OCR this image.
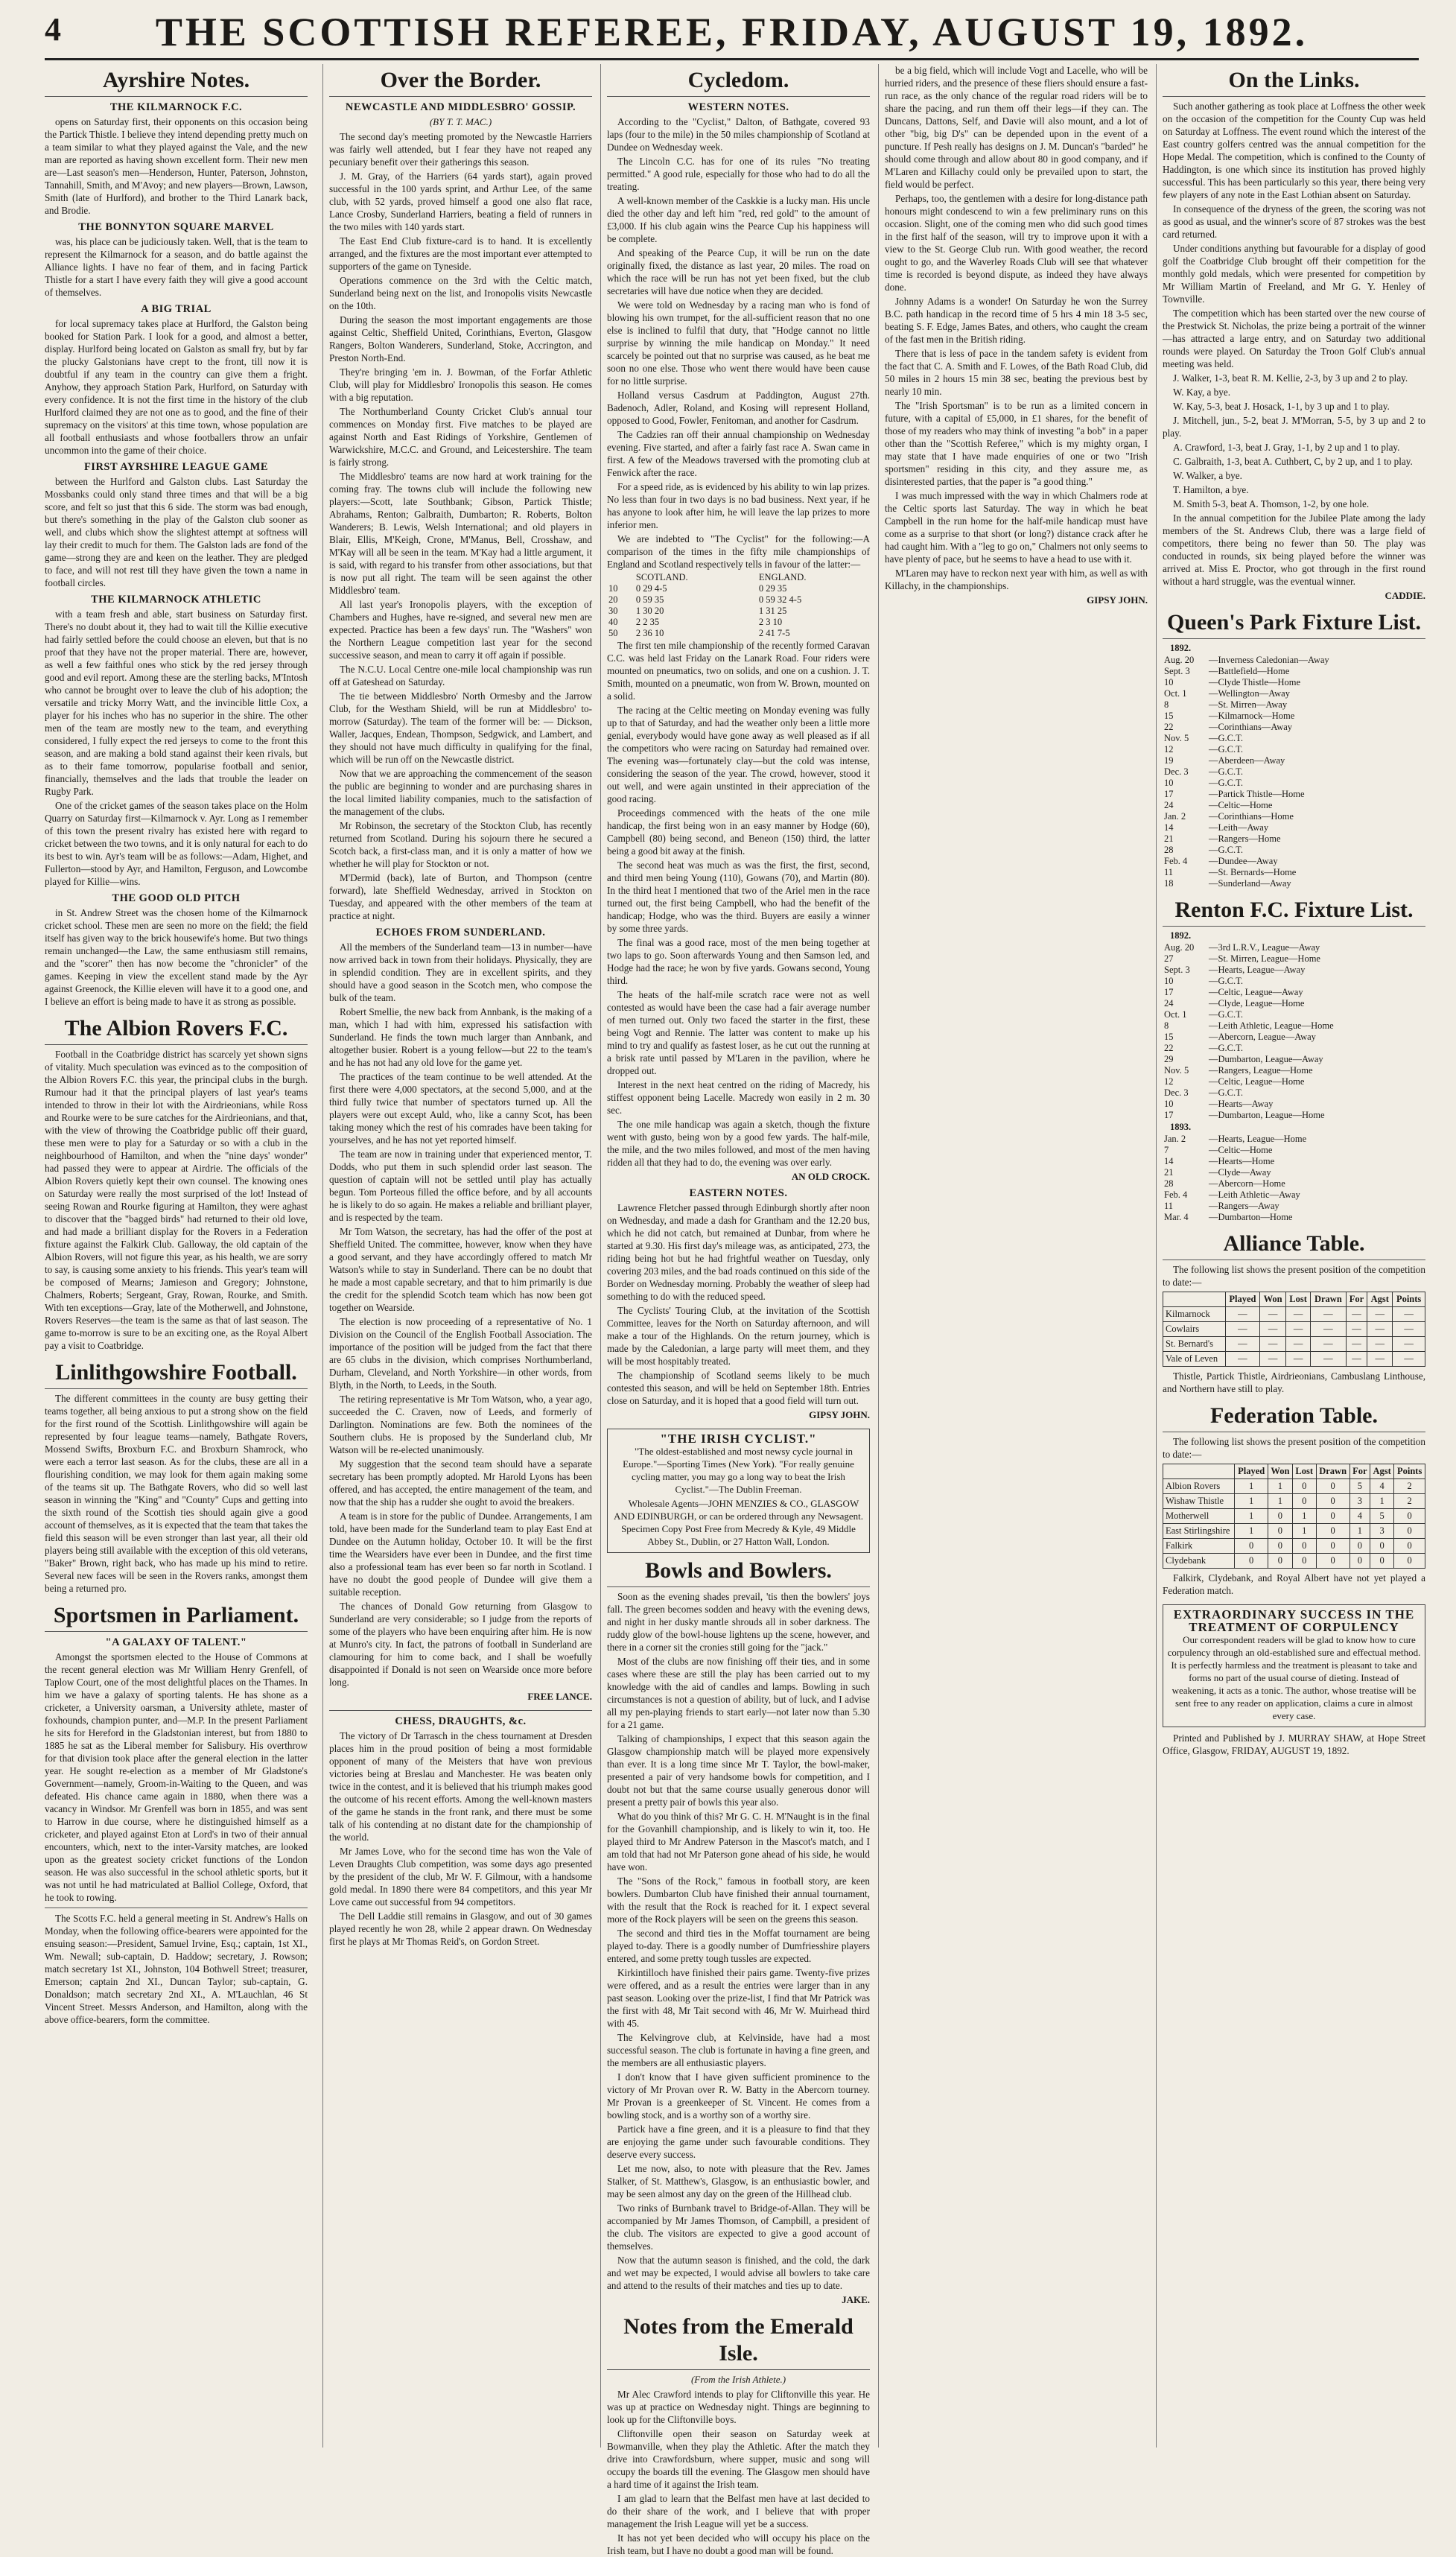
4	THE SCOTTISH REFEREE, FRIDAY, AUGUST 19, 1892.
Ayrshire Notes.
THE KILMARNOCK F.C.

opens on Saturday first, their opponents on this occasion being the Partick Thistle. I believe they intend depending pretty much on a team similar to what they played against the Vale, and the new man are reported as having shown excellent form. Their new men are—Last season's men—Henderson, Hunter, Paterson, Johnston, Tannahill, Smith, and M'Avoy; and new players—Brown, Lawson, Smith (late of Hurlford), and brother to the Third Lanark back, and Brodie.

THE BONNYTON SQUARE MARVEL

was, his place can be judiciously taken. Well, that is the team to represent the Kilmarnock for a season, and do battle against the Alliance lights. I have no fear of them, and in facing Partick Thistle for a start I have every faith they will give a good account of themselves.

A BIG TRIAL

for local supremacy takes place at Hurlford, the Galston being booked for Station Park. I look for a good, and almost a better, display. Hurlford being located on Galston as small fry, but by far the plucky Galstonians have crept to the front, till now it is doubtful if any team in the country can give them a fright. Anyhow, they approach Station Park, Hurlford, on Saturday with every confidence. It is not the first time in the history of the club Hurlford claimed they are not one as to good, and the fine of their supremacy on the visitors' at this time town, whose population are all football enthusiasts and whose footballers throw an unfair uncommon into the game of their choice.

FIRST AYRSHIRE LEAGUE GAME

between the Hurlford and Galston clubs. Last Saturday the Mossbanks could only stand three times and that will be a big score, and felt so just that this 6 side. The storm was bad enough, but there's something in the play of the Galston club sooner as well, and clubs which show the slightest attempt at softness will lay their credit to much for them. The Galston lads are fond of the game—strong they are and keen on the leather. They are pledged to face, and will not rest till they have given the town a name in football circles.

THE KILMARNOCK ATHLETIC

with a team fresh and able, start business on Saturday first. There's no doubt about it, they had to wait till the Killie executive had fairly settled before the could choose an eleven, but that is no proof that they have not the proper material. There are, however, as well a few faithful ones who stick by the red jersey through good and evil report. Among these are the sterling backs, M'Intosh who cannot be brought over to leave the club of his adoption; the versatile and tricky Morry Watt, and the invincible little Cox, a player for his inches who has no superior in the shire. The other men of the team are mostly new to the team, and everything considered, I fully expect the red jerseys to come to the front this season, and are making a bold stand against their keen rivals, but as to their fame tomorrow, popularise football and senior, financially, themselves and the lads that trouble the leader on Rugby Park.

One of the cricket games of the season takes place on the Holm Quarry on Saturday first—Kilmarnock v. Ayr. Long as I remember of this town the present rivalry has existed here with regard to cricket between the two towns, and it is only natural for each to do its best to win. Ayr's team will be as follows:—Adam, Highet, and Fullerton—stood by Ayr, and Hamilton, Ferguson, and Lowcombe played for Killie—wins.

THE GOOD OLD PITCH

in St. Andrew Street was the chosen home of the Kilmarnock cricket school. These men are seen no more on the field; the field itself has given way to the brick housewife's home. But two things remain unchanged—the Law, the same enthusiasm still remains, and the "scorer" then has now become the "chronicler" of the games. Keeping in view the excellent stand made by the Ayr against Greenock, the Killie eleven will have it to a good one, and I believe an effort is being made to have it as strong as possible.

The Albion Rovers F.C.

Football in the Coatbridge district has scarcely yet shown signs of vitality. Much speculation was evinced as to the composition of the Albion Rovers F.C. this year, the principal clubs in the burgh. Rumour had it that the principal players of last year's teams intended to throw in their lot with the Airdrieonians, while Ross and Rourke were to be sure catches for the Airdrieonians, and that, with the view of throwing the Coatbridge public off their guard, these men were to play for a Saturday or so with a club in the neighbourhood of Hamilton, and when the "nine days' wonder" had passed they were to appear at Airdrie. The officials of the Albion Rovers quietly kept their own counsel. The knowing ones on Saturday were really the most surprised of the lot! Instead of seeing Rowan and Rourke figuring at Hamilton, they were aghast to discover that the "bagged birds" had returned to their old love, and had made a brilliant display for the Rovers in a Federation fixture against the Falkirk Club. Galloway, the old captain of the Albion Rovers, will not figure this year, as his health, we are sorry to say, is causing some anxiety to his friends. This year's team will be composed of Mearns; Jamieson and Gregory; Johnstone, Chalmers, Roberts; Sergeant, Gray, Rowan, Rourke, and Smith. With ten exceptions—Gray, late of the Motherwell, and Johnstone, Rovers Reserves—the team is the same as that of last season. The game to-morrow is sure to be an exciting one, as the Royal Albert pay a visit to Coatbridge.

Linlithgowshire Football.

The different committees in the county are busy getting their teams together, all being anxious to put a strong show on the field for the first round of the Scottish. Linlithgowshire will again be represented by four league teams—namely, Bathgate Rovers, Mossend Swifts, Broxburn F.C. and Broxburn Shamrock, who were each a terror last season. As for the clubs, these are all in a flourishing condition, we may look for them again making some of the teams sit up. The Bathgate Rovers, who did so well last season in winning the "King" and "County" Cups and getting into the sixth round of the Scottish ties should again give a good account of themselves, as it is expected that the team that takes the field this season will be even stronger than last year, all their old players being still available with the exception of this old veterans, "Baker" Brown, right back, who has made up his mind to retire. Several new faces will be seen in the Rovers ranks, amongst them being a returned pro.

Sportsmen in Parliament.
"A GALAXY OF TALENT."

Amongst the sportsmen elected to the House of Commons at the recent general election was Mr William Henry Grenfell, of Taplow Court, one of the most delightful places on the Thames. In him we have a galaxy of sporting talents. He has shone as a cricketer, a University oarsman, a University athlete, master of foxhounds, champion punter, and—M.P. In the present Parliament he sits for Hereford in the Gladstonian interest, but from 1880 to 1885 he sat as the Liberal member for Salisbury. His overthrow for that division took place after the general election in the latter year. He sought re-election as a member of Mr Gladstone's Government—namely, Groom-in-Waiting to the Queen, and was defeated. His chance came again in 1880, when there was a vacancy in Windsor. Mr Grenfell was born in 1855, and was sent to Harrow in due course, where he distinguished himself as a cricketer, and played against Eton at Lord's in two of their annual encounters, which, next to the inter-Varsity matches, are looked upon as the greatest society cricket functions of the London season. He was also successful in the school athletic sports, but it was not until he had matriculated at Balliol College, Oxford, that he took to rowing.

The Scotts F.C. held a general meeting in St. Andrew's Halls on Monday, when the following office-bearers were appointed for the ensuing season:—President, Samuel Irvine, Esq.; captain, 1st XI., Wm. Newall; sub-captain, D. Haddow; secretary, J. Rowson; match secretary 1st XI., Johnston, 104 Bothwell Street; treasurer, Emerson; captain 2nd XI., Duncan Taylor; sub-captain, G. Donaldson; match secretary 2nd XI., A. M'Lauchlan, 46 St Vincent Street. Messrs Anderson, and Hamilton, along with the above office-bearers, form the committee.

Over the Border.
NEWCASTLE AND MIDDLESBRO' GOSSIP.
(BY T. T. MAC.)

The second day's meeting promoted by the Newcastle Harriers was fairly well attended, but I fear they have not reaped any pecuniary benefit over their gatherings this season.

J. M. Gray, of the Harriers (64 yards start), again proved successful in the 100 yards sprint, and Arthur Lee, of the same club, with 52 yards, proved himself a good one also flat race, Lance Crosby, Sunderland Harriers, beating a field of runners in the two miles with 140 yards start.

The East End Club fixture-card is to hand. It is excellently arranged, and the fixtures are the most important ever attempted to supporters of the game on Tyneside.

Operations commence on the 3rd with the Celtic match, Sunderland being next on the list, and Ironopolis visits Newcastle on the 10th.

During the season the most important engagements are those against Celtic, Sheffield United, Corinthians, Everton, Glasgow Rangers, Bolton Wanderers, Sunderland, Stoke, Accrington, and Preston North-End.

They're bringing 'em in. J. Bowman, of the Forfar Athletic Club, will play for Middlesbro' Ironopolis this season. He comes with a big reputation.

The Northumberland County Cricket Club's annual tour commences on Monday first. Five matches to be played are against North and East Ridings of Yorkshire, Gentlemen of Warwickshire, M.C.C. and Ground, and Leicestershire. The team is fairly strong.

The Middlesbro' teams are now hard at work training for the coming fray. The towns club will include the following new players:—Scott, late Southbank; Gibson, Partick Thistle; Abrahams, Renton; Galbraith, Dumbarton; R. Roberts, Bolton Wanderers; B. Lewis, Welsh International; and old players in Blair, Ellis, M'Keigh, Crone, M'Manus, Bell, Crosshaw, and M'Kay will all be seen in the team. M'Kay had a little argument, it is said, with regard to his transfer from other associations, but that is now put all right. The team will be seen against the other Middlesbro' team.

All last year's Ironopolis players, with the exception of Chambers and Hughes, have re-signed, and several new men are expected. Practice has been a few days' run. The "Washers" won the Northern League competition last year for the second successive season, and mean to carry it off again if possible.

The N.C.U. Local Centre one-mile local championship was run off at Gateshead on Saturday.

The tie between Middlesbro' North Ormesby and the Jarrow Club, for the Westham Shield, will be run at Middlesbro' to-morrow (Saturday). The team of the former will be: — Dickson, Waller, Jacques, Endean, Thompson, Sedgwick, and Lambert, and they should not have much difficulty in qualifying for the final, which will be run off on the Newcastle district.

Now that we are approaching the commencement of the season the public are beginning to wonder and are purchasing shares in the local limited liability companies, much to the satisfaction of the management of the clubs.

Mr Robinson, the secretary of the Stockton Club, has recently returned from Scotland. During his sojourn there he secured a Scotch back, a first-class man, and it is only a matter of how we whether he will play for Stockton or not.

M'Dermid (back), late of Burton, and Thompson (centre forward), late Sheffield Wednesday, arrived in Stockton on Tuesday, and appeared with the other members of the team at practice at night.

ECHOES FROM SUNDERLAND.

All the members of the Sunderland team—13 in number—have now arrived back in town from their holidays. Physically, they are in splendid condition. They are in excellent spirits, and they should have a good season in the Scotch men, who compose the bulk of the team.

Robert Smellie, the new back from Annbank, is the making of a man, which I had with him, expressed his satisfaction with Sunderland. He finds the town much larger than Annbank, and altogether busier. Robert is a young fellow—but 22 to the team's and he has not had any old love for the game yet.

The practices of the team continue to be well attended. At the first there were 4,000 spectators, at the second 5,000, and at the third fully twice that number of spectators turned up. All the players were out except Auld, who, like a canny Scot, has been taking money which the rest of his comrades have been taking for yourselves, and he has not yet reported himself.

The team are now in training under that experienced mentor, T. Dodds, who put them in such splendid order last season. The question of captain will not be settled until play has actually begun. Tom Porteous filled the office before, and by all accounts he is likely to do so again. He makes a reliable and brilliant player, and is respected by the team.

Mr Tom Watson, the secretary, has had the offer of the post at Sheffield United. The committee, however, know when they have a good servant, and they have accordingly offered to match Mr Watson's while to stay in Sunderland. There can be no doubt that he made a most capable secretary, and that to him primarily is due the credit for the splendid Scotch team which has now been got together on Wearside.

The election is now proceeding of a representative of No. 1 Division on the Council of the English Football Association. The importance of the position will be judged from the fact that there are 65 clubs in the division, which comprises Northumberland, Durham, Cleveland, and North Yorkshire—in other words, from Blyth, in the North, to Leeds, in the South.

The retiring representative is Mr Tom Watson, who, a year ago, succeeded the C. Craven, now of Leeds, and formerly of Darlington. Nominations are few. Both the nominees of the Southern clubs. He is proposed by the Sunderland club, Mr Watson will be re-elected unanimously.

My suggestion that the second team should have a separate secretary has been promptly adopted. Mr Harold Lyons has been offered, and has accepted, the entire management of the team, and now that the ship has a rudder she ought to avoid the breakers.

A team is in store for the public of Dundee. Arrangements, I am told, have been made for the Sunderland team to play East End at Dundee on the Autumn holiday, October 10. It will be the first time the Wearsiders have ever been in Dundee, and the first time also a professional team has ever been so far north in Scotland. I have no doubt the good people of Dundee will give them a suitable reception.

The chances of Donald Gow returning from Glasgow to Sunderland are very considerable; so I judge from the reports of some of the players who have been enquiring after him. He is now at Munro's city. In fact, the patrons of football in Sunderland are clamouring for him to come back, and I shall be woefully disappointed if Donald is not seen on Wearside once more before long.

FREE LANCE.
CHESS, DRAUGHTS, &c.

The victory of Dr Tarrasch in the chess tournament at Dresden places him in the proud position of being a most formidable opponent of many of the Meisters that have won previous victories being at Breslau and Manchester. He was beaten only twice in the contest, and it is believed that his triumph makes good the outcome of his recent efforts. Among the well-known masters of the game he stands in the front rank, and there must be some talk of his contending at no distant date for the championship of the world.

Mr James Love, who for the second time has won the Vale of Leven Draughts Club competition, was some days ago presented by the president of the club, Mr W. F. Gilmour, with a handsome gold medal. In 1890 there were 84 competitors, and this year Mr Love came out successful from 94 competitors.

The Dell Laddie still remains in Glasgow, and out of 30 games played recently he won 28, while 2 appear drawn. On Wednesday first he plays at Mr Thomas Reid's, on Gordon Street.

Cycledom.
WESTERN NOTES.

According to the "Cyclist," Dalton, of Bathgate, covered 93 laps (four to the mile) in the 50 miles championship of Scotland at Dundee on Wednesday week.

The Lincoln C.C. has for one of its rules "No treating permitted." A good rule, especially for those who had to do all the treating.

A well-known member of the Caskkie is a lucky man. His uncle died the other day and left him "red, red gold" to the amount of £3,000. If his club again wins the Pearce Cup his happiness will be complete.

And speaking of the Pearce Cup, it will be run on the date originally fixed, the distance as last year, 20 miles. The road on which the race will be run has not yet been fixed, but the club secretaries will have due notice when they are decided.

We were told on Wednesday by a racing man who is fond of blowing his own trumpet, for the all-sufficient reason that no one else is inclined to fulfil that duty, that "Hodge cannot no little surprise by winning the mile handicap on Monday." It need scarcely be pointed out that no surprise was caused, as he beat me soon no one else. Those who went there would have been cause for no little surprise.

Holland versus Casdrum at Paddington, August 27th. Badenoch, Adler, Roland, and Kosing will represent Holland, opposed to Good, Fowler, Fenitoman, and another for Casdrum.

The Cadzies ran off their annual championship on Wednesday evening. Five started, and after a fairly fast race A. Swan came in first. A few of the Meadows traversed with the promoting club at Fenwick after the race.

For a speed ride, as is evidenced by his ability to win lap prizes. No less than four in two days is no bad business. Next year, if he has anyone to look after him, he will leave the lap prizes to more inferior men.

We are indebted to "The Cyclist" for the following:—A comparison of the times in the fifty mile championships of England and Scotland respectively tells in favour of the latter:—

	SCOTLAND.	ENGLAND.
10	0 29 4-5	0 29 35
20	0 59 35	0 59 32 4-5
30	1 30 20	1 31 25
40	2 2 35	2 3 10
50	2 36 10	2 41 7-5

The first ten mile championship of the recently formed Caravan C.C. was held last Friday on the Lanark Road. Four riders were mounted on pneumatics, two on solids, and one on a cushion. J. T. Smith, mounted on a pneumatic, won from W. Brown, mounted on a solid.

The racing at the Celtic meeting on Monday evening was fully up to that of Saturday, and had the weather only been a little more genial, everybody would have gone away as well pleased as if all the competitors who were racing on Saturday had remained over. The evening was—fortunately clay—but the cold was intense, considering the season of the year. The crowd, however, stood it out well, and were again unstinted in their appreciation of the good racing.

Proceedings commenced with the heats of the one mile handicap, the first being won in an easy manner by Hodge (60), Campbell (80) being second, and Beneon (150) third, the latter being a good bit away at the finish.

The second heat was much as was the first, the first, second, and third men being Young (110), Gowans (70), and Martin (80). In the third heat I mentioned that two of the Ariel men in the race turned out, the first being Campbell, who had the benefit of the handicap; Hodge, who was the third. Buyers are easily a winner by some three yards.

The final was a good race, most of the men being together at two laps to go. Soon afterwards Young and then Samson led, and Hodge had the race; he won by five yards. Gowans second, Young third.

The heats of the half-mile scratch race were not as well contested as would have been the case had a fair average number of men turned out. Only two faced the starter in the first, these being Vogt and Rennie. The latter was content to make up his mind to try and qualify as fastest loser, as he cut out the running at a brisk rate until passed by M'Laren in the pavilion, where he dropped out.

Interest in the next heat centred on the riding of Macredy, his stiffest opponent being Lacelle. Macredy won easily in 2 m. 30 sec.

The one mile handicap was again a sketch, though the fixture went with gusto, being won by a good few yards. The half-mile, the mile, and the two miles followed, and most of the men having ridden all that they had to do, the evening was over early.

AN OLD CROCK.
EASTERN NOTES.

Lawrence Fletcher passed through Edinburgh shortly after noon on Wednesday, and made a dash for Grantham and the 12.20 bus, which he did not catch, but remained at Dunbar, from where he started at 9.30. His first day's mileage was, as anticipated, 273, the riding being hot but he had frightful weather on Tuesday, only covering 203 miles, and the bad roads continued on this side of the Border on Wednesday morning. Probably the weather of sleep had something to do with the reduced speed.

The Cyclists' Touring Club, at the invitation of the Scottish Committee, leaves for the North on Saturday afternoon, and will make a tour of the Highlands. On the return journey, which is made by the Caledonian, a large party will meet them, and they will be most hospitably treated.

The championship of Scotland seems likely to be much contested this season, and will be held on September 18th. Entries close on Saturday, and it is hoped that a good field will turn out.

GIPSY JOHN.
"THE IRISH CYCLIST."

"The oldest-established and most newsy cycle journal in Europe."—Sporting Times (New York). "For really genuine cycling matter, you may go a long way to beat the Irish Cyclist."—The Dublin Freeman.

Wholesale Agents—JOHN MENZIES & CO., GLASGOW AND EDINBURGH, or can be ordered through any Newsagent. Specimen Copy Post Free from Mecredy & Kyle, 49 Middle Abbey St., Dublin, or 27 Hatton Wall, London.

Bowls and Bowlers.

Soon as the evening shades prevail, 'tis then the bowlers' joys fall. The green becomes sodden and heavy with the evening dews, and night in her dusky mantle shrouds all in sober darkness. The ruddy glow of the bowl-house lightens up the scene, however, and there in a corner sit the cronies still going for the "jack."

Most of the clubs are now finishing off their ties, and in some cases where these are still the play has been carried out to my knowledge with the aid of candles and lamps. Bowling in such circumstances is not a question of ability, but of luck, and I advise all my pen-playing friends to start early—not later now than 5.30 for a 21 game.

Talking of championships, I expect that this season again the Glasgow championship match will be played more expensively than ever. It is a long time since Mr T. Taylor, the bowl-maker, presented a pair of very handsome bowls for competition, and I doubt not but that the same course usually generous donor will present a pretty pair of bowls this year also.

What do you think of this? Mr G. C. H. M'Naught is in the final for the Govanhill championship, and is likely to win it, too. He played third to Mr Andrew Paterson in the Mascot's match, and I am told that had not Mr Paterson gone ahead of his side, he would have won.

The "Sons of the Rock," famous in football story, are keen bowlers. Dumbarton Club have finished their annual tournament, with the result that the Rock is reached for it. I expect several more of the Rock players will be seen on the greens this season.

The second and third ties in the Moffat tournament are being played to-day. There is a goodly number of Dumfriesshire players entered, and some pretty tough tussles are expected.

Kirkintilloch have finished their pairs game. Twenty-five prizes were offered, and as a result the entries were larger than in any past season. Looking over the prize-list, I find that Mr Patrick was the first with 48, Mr Tait second with 46, Mr W. Muirhead third with 45.

The Kelvingrove club, at Kelvinside, have had a most successful season. The club is fortunate in having a fine green, and the members are all enthusiastic players.

I don't know that I have given sufficient prominence to the victory of Mr Provan over R. W. Batty in the Abercorn tourney. Mr Provan is a greenkeeper of St. Vincent. He comes from a bowling stock, and is a worthy son of a worthy sire.

Partick have a fine green, and it is a pleasure to find that they are enjoying the game under such favourable conditions. They deserve every success.

Let me now, also, to note with pleasure that the Rev. James Stalker, of St. Matthew's, Glasgow, is an enthusiastic bowler, and may be seen almost any day on the green of the Hillhead club.

Two rinks of Burnbank travel to Bridge-of-Allan. They will be accompanied by Mr James Thomson, of Campbill, a president of the club. The visitors are expected to give a good account of themselves.

Now that the autumn season is finished, and the cold, the dark and wet may be expected, I would advise all bowlers to take care and attend to the results of their matches and ties up to date.

JAKE.
Notes from the Emerald Isle.
(From the Irish Athlete.)

Mr Alec Crawford intends to play for Cliftonville this year. He was up at practice on Wednesday night. Things are beginning to look up for the Cliftonville boys.

Cliftonville open their season on Saturday week at Bowmanville, when they play the Athletic. After the match they drive into Crawfordsburn, where supper, music and song will occupy the boards till the evening. The Glasgow men should have a hard time of it against the Irish team.

I am glad to learn that the Belfast men have at last decided to do their share of the work, and I believe that with proper management the Irish League will yet be a success.

It has not yet been decided who will occupy his place on the Irish team, but I have no doubt a good man will be found.

be a big field, which will include Vogt and Lacelle, who will be hurried riders, and the presence of these fliers should ensure a fast-run race, as the only chance of the regular road riders will be to share the pacing, and run them off their legs—if they can. The Duncans, Dattons, Self, and Davie will also mount, and a lot of other "big, big D's" can be depended upon in the event of a puncture. If Pesh really has designs on J. M. Duncan's "barded" he should come through and allow about 80 in good company, and if M'Laren and Killachy could only be prevailed upon to start, the field would be perfect.

Perhaps, too, the gentlemen with a desire for long-distance path honours might condescend to win a few preliminary runs on this occasion. Slight, one of the coming men who did such good times in the first half of the season, will try to improve upon it with a view to the St. George Club run. With good weather, the record ought to go, and the Waverley Roads Club will see that whatever time is recorded is beyond dispute, as indeed they have always done.

Johnny Adams is a wonder! On Saturday he won the Surrey B.C. path handicap in the record time of 5 hrs 4 min 18 3-5 sec, beating S. F. Edge, James Bates, and others, who caught the cream of the fast men in the British riding.

There that is less of pace in the tandem safety is evident from the fact that C. A. Smith and F. Lowes, of the Bath Road Club, did 50 miles in 2 hours 15 min 38 sec, beating the previous best by nearly 10 min.

The "Irish Sportsman" is to be run as a limited concern in future, with a capital of £5,000, in £1 shares, for the benefit of those of my readers who may think of investing "a bob" in a paper other than the "Scottish Referee," which is my mighty organ, I may state that I have made enquiries of one or two "Irish sportsmen" residing in this city, and they assure me, as disinterested parties, that the paper is "a good thing."

I was much impressed with the way in which Chalmers rode at the Celtic sports last Saturday. The way in which he beat Campbell in the run home for the half-mile handicap must have come as a surprise to that short (or long?) distance crack after he had caught him. With a "leg to go on," Chalmers not only seems to have plenty of pace, but he seems to have a head to use with it.

M'Laren may have to reckon next year with him, as well as with Killachy, in the championships.

GIPSY JOHN.
On the Links.

Such another gathering as took place at Loffness the other week on the occasion of the competition for the County Cup was held on Saturday at Loffness. The event round which the interest of the East country golfers centred was the annual competition for the Hope Medal. The competition, which is confined to the County of Haddington, is one which since its institution has proved highly successful. This has been particularly so this year, there being very few players of any note in the East Lothian absent on Saturday.

In consequence of the dryness of the green, the scoring was not as good as usual, and the winner's score of 87 strokes was the best card returned.

Under conditions anything but favourable for a display of good golf the Coatbridge Club brought off their competition for the monthly gold medals, which were presented for competition by Mr William Martin of Freeland, and Mr G. Y. Henley of Townville.

The competition which has been started over the new course of the Prestwick St. Nicholas, the prize being a portrait of the winner—has attracted a large entry, and on Saturday two additional rounds were played. On Saturday the Troon Golf Club's annual meeting was held.

J. Walker, 1-3, beat R. M. Kellie, 2-3, by 3 up and 2 to play.
W. Kay, a bye.
W. Kay, 5-3, beat J. Hosack, 1-1, by 3 up and 1 to play.
J. Mitchell, jun., 5-2, beat J. M'Morran, 5-5, by 3 up and 2 to play.
A. Crawford, 1-3, beat J. Gray, 1-1, by 2 up and 1 to play.
C. Galbraith, 1-3, beat A. Cuthbert, C, by 2 up, and 1 to play.
W. Walker, a bye.
T. Hamilton, a bye.
M. Smith 5-3, beat A. Thomson, 1-2, by one hole.

In the annual competition for the Jubilee Plate among the lady members of the St. Andrews Club, there was a large field of competitors, there being no fewer than 50. The play was conducted in rounds, six being played before the winner was arrived at. Miss E. Proctor, who got through in the first round without a hard struggle, was the eventual winner.

CADDIE.
Queen's Park Fixture List.
1892.
Aug. 20	—Inverness Caledonian—Away
Sept. 3	—Battlefield—Home
10	—Clyde Thistle—Home
Oct. 1	—Wellington—Away
8	—St. Mirren—Away
15	—Kilmarnock—Home
22	—Corinthians—Away
Nov. 5	—G.C.T.
12	—G.C.T.
19	—Aberdeen—Away
Dec. 3	—G.C.T.
10	—G.C.T.
17	—Partick Thistle—Home
24	—Celtic—Home
Jan. 2	—Corinthians—Home
14	—Leith—Away
21	—Rangers—Home
28	—G.C.T.
Feb. 4	—Dundee—Away
11	—St. Bernards—Home
18	—Sunderland—Away
Renton F.C. Fixture List.
1892.
Aug. 20	—3rd L.R.V., League—Away
27	—St. Mirren, League—Home
Sept. 3	—Hearts, League—Away
10	—G.C.T.
17	—Celtic, League—Away
24	—Clyde, League—Home
Oct. 1	—G.C.T.
8	—Leith Athletic, League—Home
15	—Abercorn, League—Away
22	—G.C.T.
29	—Dumbarton, League—Away
Nov. 5	—Rangers, League—Home
12	—Celtic, League—Home
Dec. 3	—G.C.T.
10	—Hearts—Away
17	—Dumbarton, League—Home
1893.
Jan. 2	—Hearts, League—Home
7	—Celtic—Home
14	—Hearts—Home
21	—Clyde—Away
28	—Abercorn—Home
Feb. 4	—Leith Athletic—Away
11	—Rangers—Away
Mar. 4	—Dumbarton—Home
Alliance Table.

The following list shows the present position of the competition to date:—

	Played	Won	Lost	Drawn	For	Agst	Points
Kilmarnock	—	—	—	—	—	—	—
Cowlairs	—	—	—	—	—	—	—
St. Bernard's	—	—	—	—	—	—	—
Vale of Leven	—	—	—	—	—	—	—

Thistle, Partick Thistle, Airdrieonians, Cambuslang Linthouse, and Northern have still to play.

Federation Table.

The following list shows the present position of the competition to date:—

	Played	Won	Lost	Drawn	For	Agst	Points
Albion Rovers	1	1	0	0	5	4	2
Wishaw Thistle	1	1	0	0	3	1	2
Motherwell	1	0	1	0	4	5	0
East Stirlingshire	1	0	1	0	1	3	0
Falkirk	0	0	0	0	0	0	0
Clydebank	0	0	0	0	0	0	0

Falkirk, Clydebank, and Royal Albert have not yet played a Federation match.

EXTRAORDINARY SUCCESS IN THE TREATMENT OF CORPULENCY

Our correspondent readers will be glad to know how to cure corpulency through an old-established sure and effectual method. It is perfectly harmless and the treatment is pleasant to take and forms no part of the usual course of dieting. Instead of weakening, it acts as a tonic. The author, whose treatise will be sent free to any reader on application, claims a cure in almost every case.

Printed and Published by J. MURRAY SHAW, at Hope Street Office, Glasgow, FRIDAY, AUGUST 19, 1892.
